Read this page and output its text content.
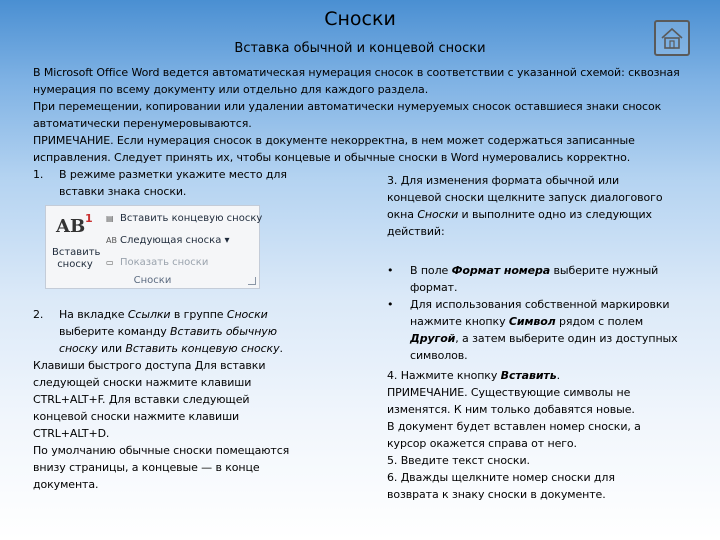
Сноски
Вставка обычной и концевой сноски
В Microsoft Office Word ведется автоматическая нумерация сносок в соответствии с указанной схемой: сквозная
нумерация по всему документу или отдельно для каждого раздела.
При перемещении, копировании или удалении автоматически нумеруемых сносок оставшиеся знаки сносок
автоматически перенумеровываются.
ПРИМЕЧАНИЕ. Если нумерация сносок в документе некорректна, в нем может содержаться записанные
исправления. Следует принять их, чтобы концевые и обычные сноски в Word нумеровались корректно.
1. В режиме разметки укажите место для
вставки знака сноски.
AB 1
Вставить сноску
▤ Вставить концевую сноску
AB Следующая сноска ▾
▭ Показать сноски
Сноски
2. На вкладке Ссылки в группе Сноски
выберите команду Вставить обычную
сноску или Вставить концевую сноску.
Клавиши быстрого доступа Для вставки
следующей сноски нажмите клавиши
CTRL+ALT+F. Для вставки следующей
концевой сноски нажмите клавиши
CTRL+ALT+D.
По умолчанию обычные сноски помещаются
внизу страницы, а концевые — в конце
документа.
3. Для изменения формата обычной или
концевой сноски щелкните запуск диалогового
окна Сноски и выполните одно из следующих
действий:
• В поле Формат номера выберите нужный
формат.
• Для использования собственной маркировки
нажмите кнопку Символ рядом с полем
Другой, а затем выберите один из доступных
символов.
4. Нажмите кнопку Вставить.
ПРИМЕЧАНИЕ. Существующие символы не
изменятся. К ним только добавятся новые.
В документ будет вставлен номер сноски, а
курсор окажется справа от него.
5. Введите текст сноски.
6. Дважды щелкните номер сноски для
возврата к знаку сноски в документе.
